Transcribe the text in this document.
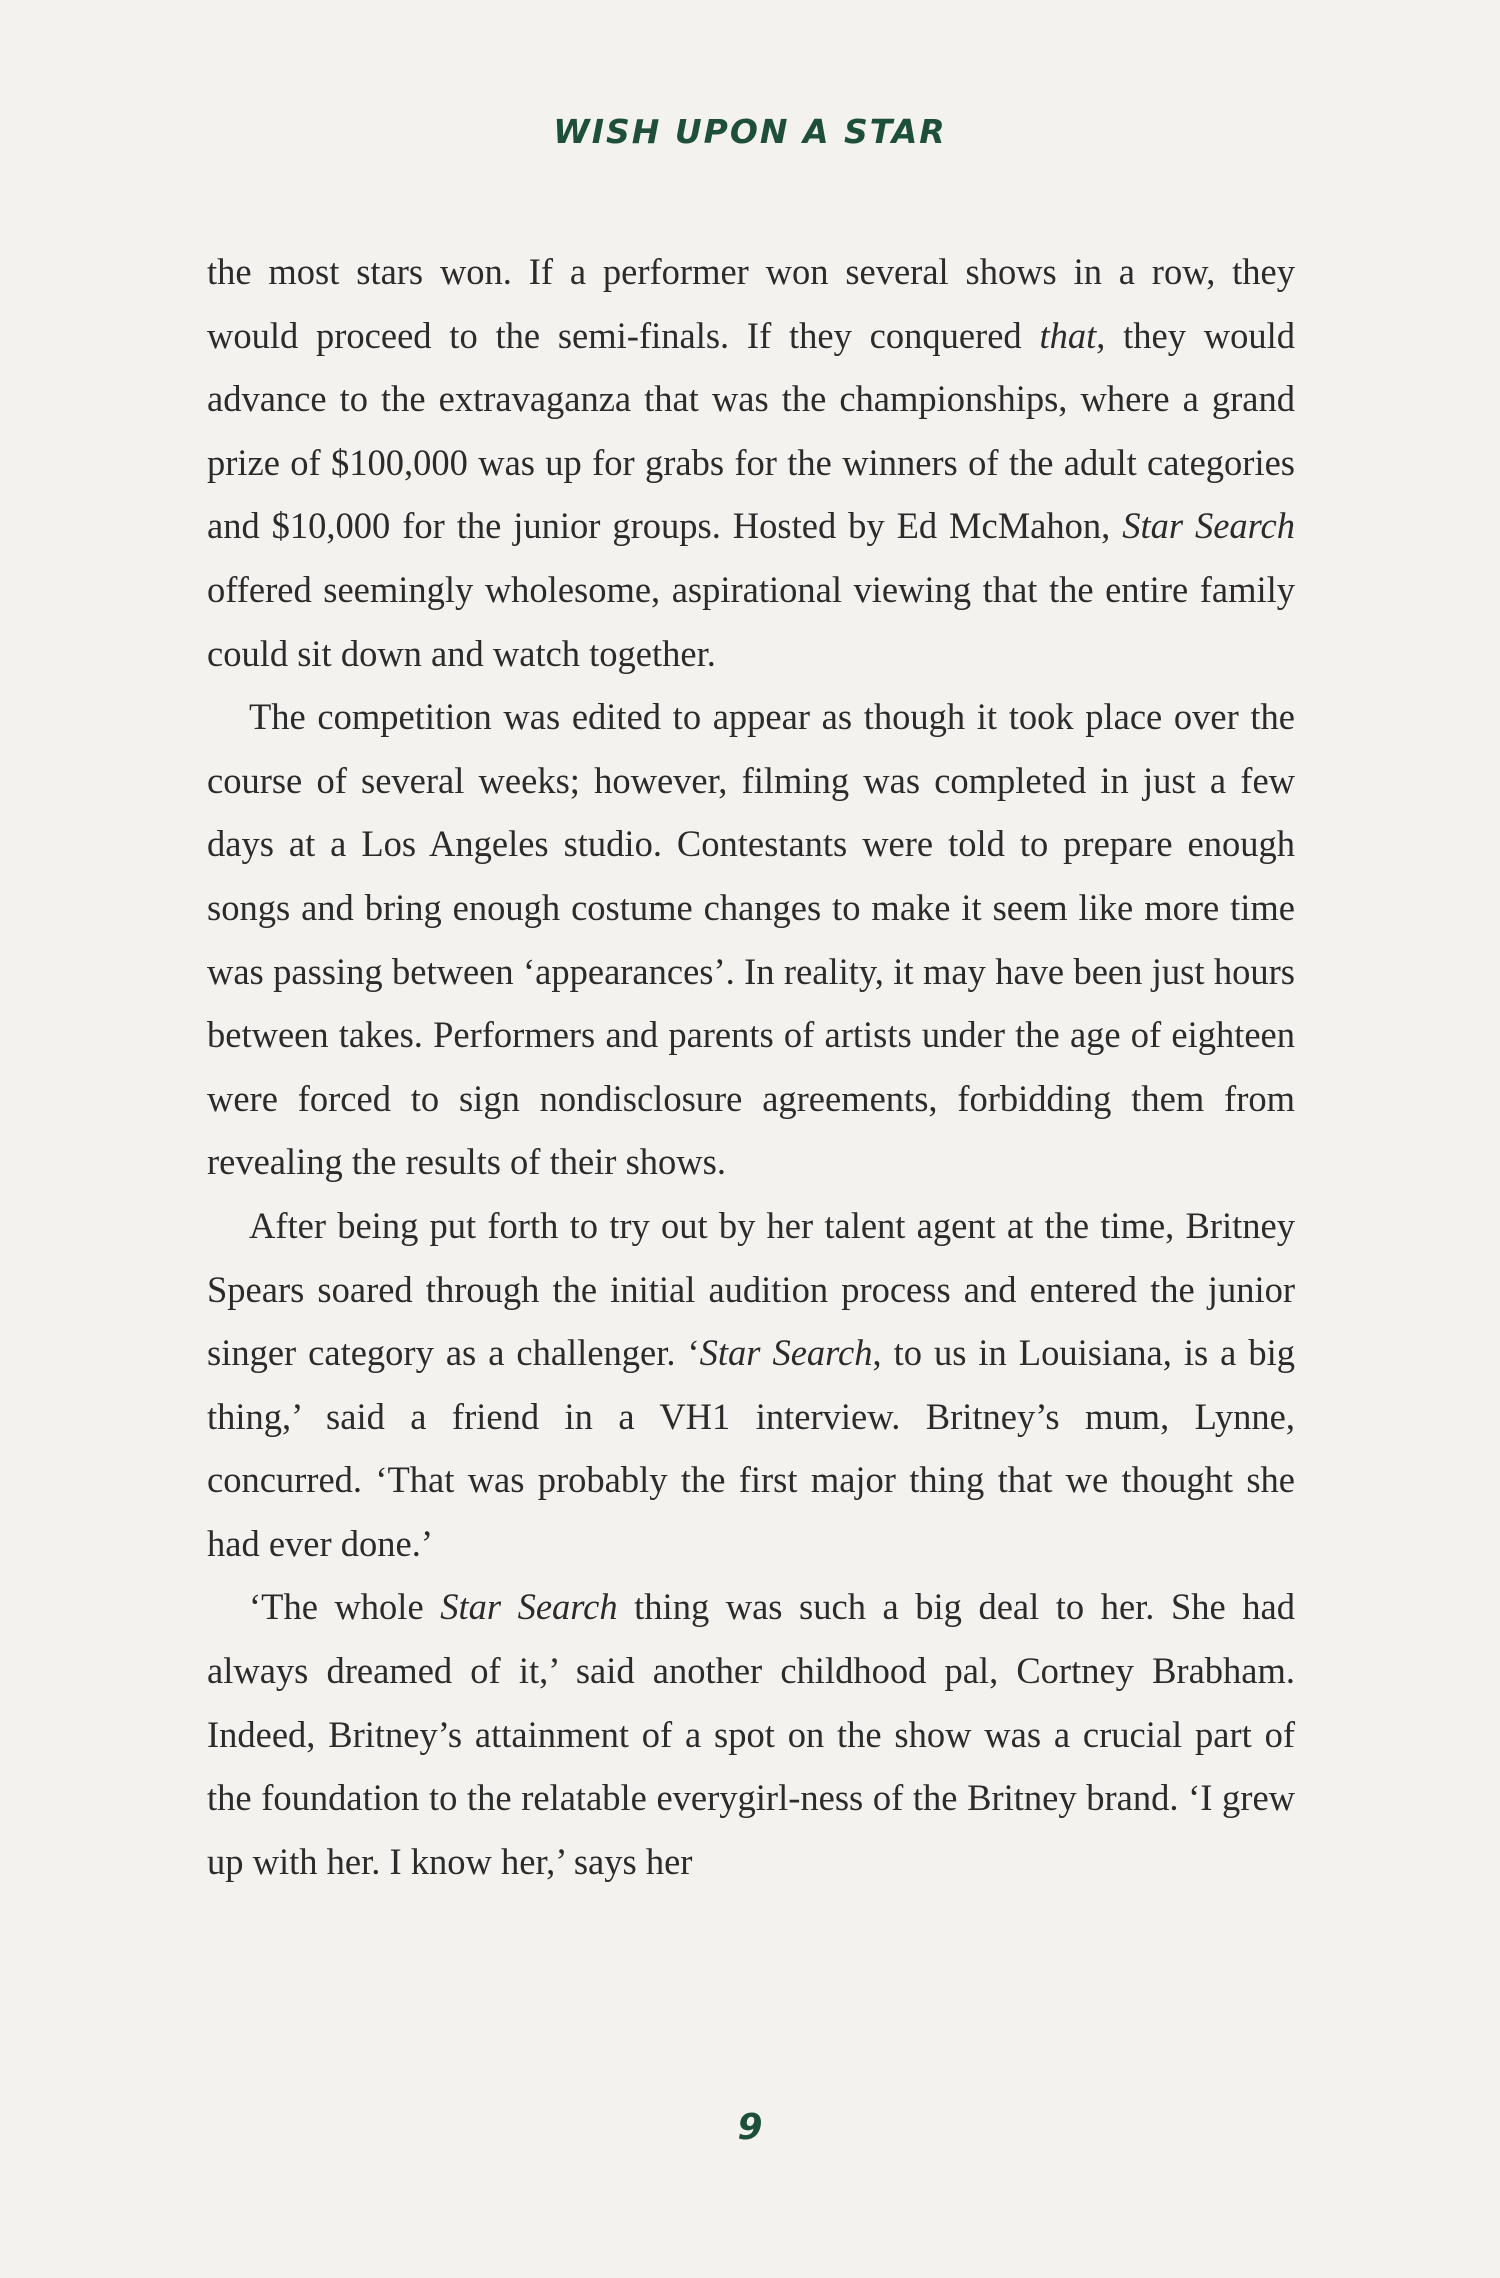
WISH UPON A STAR

the most stars won. If a performer won several shows in a row, they would proceed to the semi-finals. If they conquered that, they would advance to the extravaganza that was the championships, where a grand prize of $100,000 was up for grabs for the winners of the adult categories and $10,000 for the junior groups. Hosted by Ed McMahon, Star Search offered seemingly wholesome, aspirational viewing that the entire family could sit down and watch together.

The competition was edited to appear as though it took place over the course of several weeks; however, filming was completed in just a few days at a Los Angeles studio. Contestants were told to prepare enough songs and bring enough costume changes to make it seem like more time was passing between ‘appearances’. In reality, it may have been just hours between takes. Performers and parents of artists under the age of eighteen were forced to sign nondisclosure agreements, forbidding them from revealing the results of their shows.

After being put forth to try out by her talent agent at the time, Britney Spears soared through the initial audition process and entered the junior singer category as a challenger. ‘Star Search, to us in Louisiana, is a big thing,’ said a friend in a VH1 interview. Britney’s mum, Lynne, concurred. ‘That was probably the first major thing that we thought she had ever done.’

‘The whole Star Search thing was such a big deal to her. She had always dreamed of it,’ said another childhood pal, Cortney Brabham. Indeed, Britney’s attainment of a spot on the show was a crucial part of the foundation to the relatable everygirl-ness of the Britney brand. ‘I grew up with her. I know her,’ says her

9
